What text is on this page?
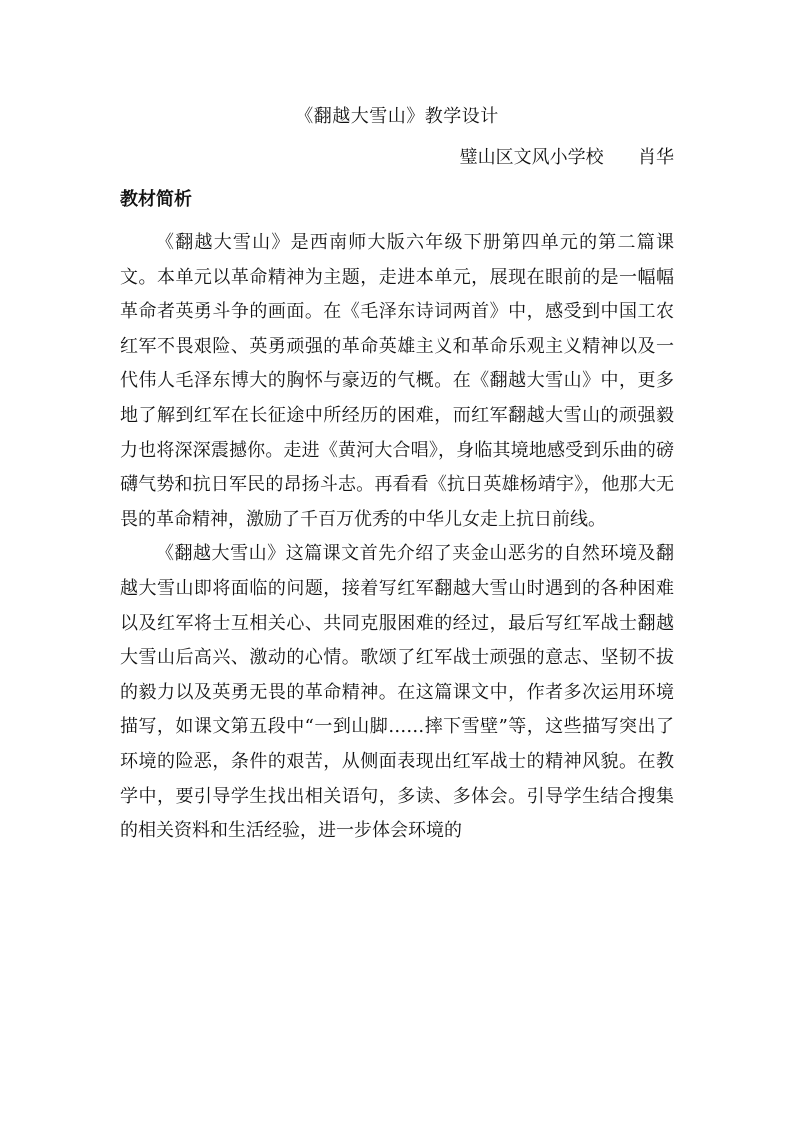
《翻越大雪山》教学设计
璧山区文风小学校      肖华
教材简析

《翻越大雪山》是西南师大版六年级下册第四单元的第二篇课文。本单元以革命精神为主题，走进本单元，展现在眼前的是一幅幅革命者英勇斗争的画面。在《毛泽东诗词两首》中，感受到中国工农红军不畏艰险、英勇顽强的革命英雄主义和革命乐观主义精神以及一代伟人毛泽东博大的胸怀与豪迈的气概。在《翻越大雪山》中，更多地了解到红军在长征途中所经历的困难，而红军翻越大雪山的顽强毅力也将深深震撼你。走进《黄河大合唱》，身临其境地感受到乐曲的磅礴气势和抗日军民的昂扬斗志。再看看《抗日英雄杨靖宇》，他那大无畏的革命精神，激励了千百万优秀的中华儿女走上抗日前线。

《翻越大雪山》这篇课文首先介绍了夹金山恶劣的自然环境及翻越大雪山即将面临的问题，接着写红军翻越大雪山时遇到的各种困难以及红军将士互相关心、共同克服困难的经过，最后写红军战士翻越大雪山后高兴、激动的心情。歌颂了红军战士顽强的意志、坚韧不拔的毅力以及英勇无畏的革命精神。在这篇课文中，作者多次运用环境描写，如课文第五段中“一到山脚……摔下雪壁”等，这些描写突出了环境的险恶，条件的艰苦，从侧面表现出红军战士的精神风貌。在教学中，要引导学生找出相关语句，多读、多体会。引导学生结合搜集的相关资料和生活经验，进一步体会环境的
